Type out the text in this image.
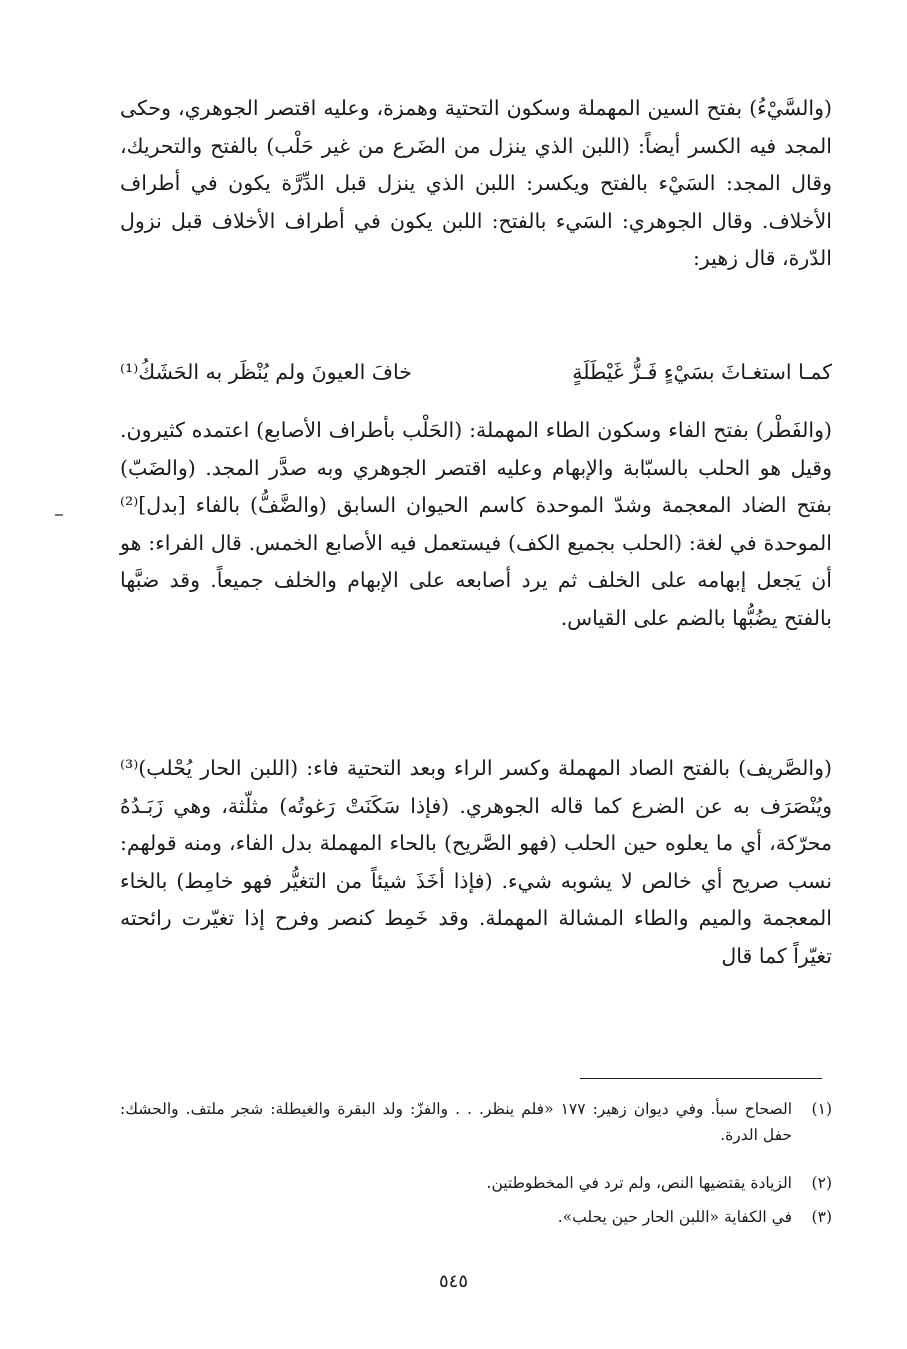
(والسَّيْءُ) بفتح السين المهملة وسكون التحتية وهمزة، وعليه اقتصر الجوهري، وحكى المجد فيه الكسر أيضاً: (اللبن الذي ينزل من الضَرع من غير حَلْب) بالفتح والتحريك، وقال المجد: السَيْء بالفتح ويكسر: اللبن الذي ينزل قبل الدِّرَّة يكون في أطراف الأخلاف. وقال الجوهري: السَيء بالفتح: اللبن يكون في أطراف الأخلاف قبل نزول الدّرة، قال زهير:

كمـا استغـاثَ بسَيْءٍ فَـزُّ غَيْطَلَةٍ
خافَ العيونَ ولم يُنْظَر به الحَشَكُ⁽¹⁾

(والفَطْر) بفتح الفاء وسكون الطاء المهملة: (الحَلْب بأطراف الأصابع) اعتمده كثيرون. وقيل هو الحلب بالسبّابة والإبهام وعليه اقتصر الجوهري وبه صدَّر المجد. (والضَبّ) بفتح الضاد المعجمة وشدّ الموحدة كاسم الحيوان السابق (والضَّفُّ) بالفاء [بدل]⁽²⁾ الموحدة في لغة: (الحلب بجميع الكف) فيستعمل فيه الأصابع الخمس. قال الفراء: هو أن يَجعل إبهامه على الخلف ثم يرد أصابعه على الإبهام والخلف جميعاً. وقد ضبَّها بالفتح يضُبُّها بالضم على القياس.

(والصَّريف) بالفتح الصاد المهملة وكسر الراء وبعد التحتية فاء: (اللبن الحار يُحْلب)⁽³⁾ ويُنْصَرَف به عن الضرع كما قاله الجوهري. (فإذا سَكَنَتْ رَغوتُه) مثلّثة، وهي زَبَـدُهُ محرّكة، أي ما يعلوه حين الحلب (فهو الصَّريح) بالحاء المهملة بدل الفاء، ومنه قولهم: نسب صريح أي خالص لا يشوبه شيء. (فإذا أخَذَ شيئاً من التغيُّر فهو خامِط) بالخاء المعجمة والميم والطاء المشالة المهملة. وقد خَمِط كنصر وفرح إذا تغيّرت رائحته تغيّراً كما قال

(١)
الصحاح سبأ. وفي ديوان زهير: ١٧٧ «فلم ينظر. . . والفزّ: ولد البقرة والغيطلة: شجر ملتف. والحشك: حفل الدرة.
(٢)
الزيادة يقتضيها النص، ولم ترد في المخطوطتين.
(٣)
في الكفاية «اللبن الحار حين يحلب».
٥٤٥
